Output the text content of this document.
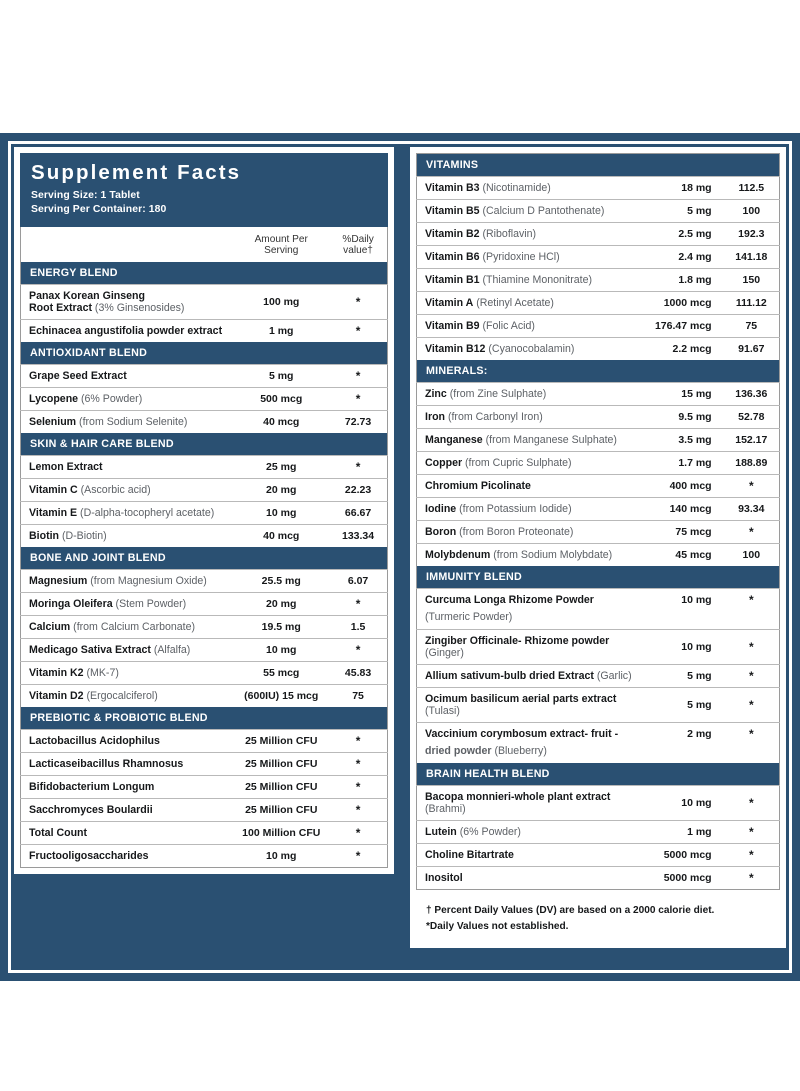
Supplement Facts
Serving Size: 1 Tablet
Serving Per Container: 180
	Amount Per Serving	%Daily value†
ENERGY BLEND		
Panax Korean Ginseng
Root Extract (3% Ginsenosides)	100 mg	*
Echinacea angustifolia powder extract	1 mg	*
ANTIOXIDANT BLEND		
Grape Seed Extract	5 mg	*
Lycopene (6% Powder)	500 mcg	*
Selenium (from Sodium Selenite)	40 mcg	72.73
SKIN & HAIR CARE BLEND		
Lemon Extract	25 mg	*
Vitamin C (Ascorbic acid)	20 mg	22.23
Vitamin E (D-alpha-tocopheryl acetate)	10 mg	66.67
Biotin (D-Biotin)	40 mcg	133.34
BONE AND JOINT BLEND		
Magnesium (from Magnesium Oxide)	25.5 mg	6.07
Moringa Oleifera (Stem Powder)	20 mg	*
Calcium (from Calcium Carbonate)	19.5 mg	1.5
Medicago Sativa Extract (Alfalfa)	10 mg	*
Vitamin K2 (MK-7)	55 mcg	45.83
Vitamin D2 (Ergocalciferol)	(600IU) 15 mcg	75
PREBIOTIC & PROBIOTIC BLEND		
Lactobacillus Acidophilus	25 Million CFU	*
Lacticaseibacillus Rhamnosus	25 Million CFU	*
Bifidobacterium Longum	25 Million CFU	*
Sacchromyces Boulardii	25 Million CFU	*
Total Count	100 Million CFU	*
Fructooligosaccharides	10 mg	*
VITAMINS		
Vitamin B3 (Nicotinamide)	18 mg	112.5
Vitamin B5 (Calcium D Pantothenate)	5 mg	100
Vitamin B2 (Riboflavin)	2.5 mg	192.3
Vitamin B6 (Pyridoxine HCl)	2.4 mg	141.18
Vitamin B1 (Thiamine Mononitrate)	1.8 mg	150
Vitamin A (Retinyl Acetate)	1000 mcg	111.12
Vitamin B9 (Folic Acid)	176.47 mcg	75
Vitamin B12 (Cyanocobalamin)	2.2 mcg	91.67
MINERALS:		
Zinc (from Zine Sulphate)	15 mg	136.36
Iron (from Carbonyl Iron)	9.5 mg	52.78
Manganese (from Manganese Sulphate)	3.5 mg	152.17
Copper (from Cupric Sulphate)	1.7 mg	188.89
Chromium Picolinate	400 mcg	*
Iodine (from Potassium Iodide)	140 mcg	93.34
Boron (from Boron Proteonate)	75 mcg	*
Molybdenum (from Sodium Molybdate)	45 mcg	100
IMMUNITY BLEND		
Curcuma Longa Rhizome Powder	10 mg	*
(Turmeric Powder)		
Zingiber Officinale- Rhizome powder (Ginger)	10 mg	*
Allium sativum-bulb dried Extract (Garlic)	5 mg	*
Ocimum basilicum aerial parts extract (Tulasi)	5 mg	*
Vaccinium corymbosum extract- fruit -	2 mg	*
dried powder (Blueberry)		
BRAIN HEALTH BLEND		
Bacopa monnieri-whole plant extract (Brahmi)	10 mg	*
Lutein (6% Powder)	1 mg	*
Choline Bitartrate	5000 mcg	*
Inositol	5000 mcg	*
† Percent Daily Values (DV) are based on a 2000 calorie diet.
*Daily Values not established.
